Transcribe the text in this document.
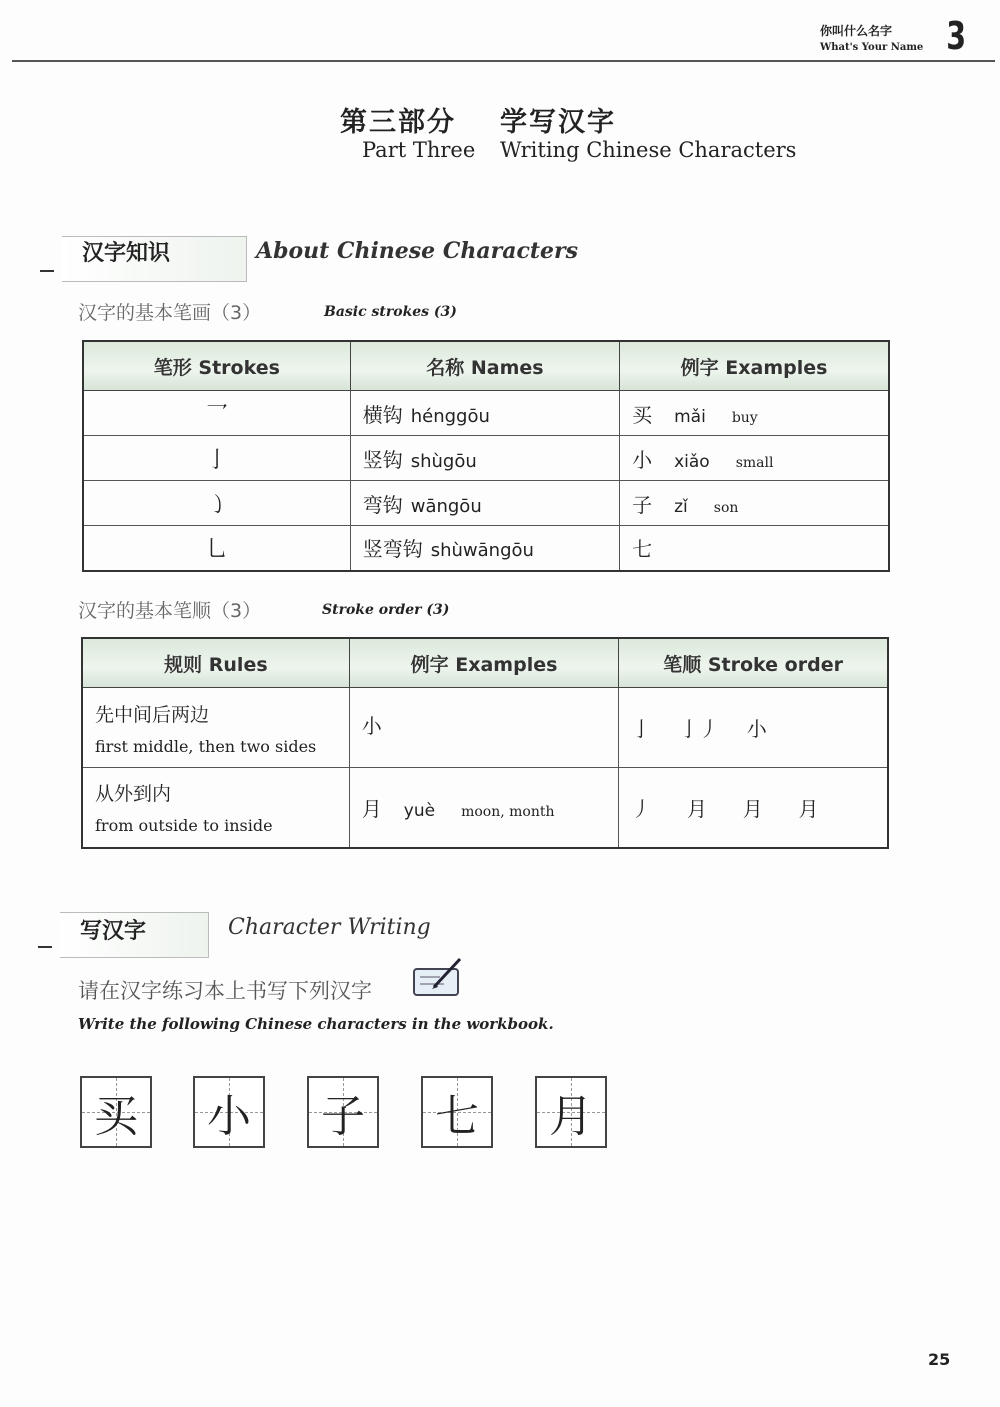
你叫什么名字
What's Your Name 3
第三部分 学写汉字
Part Three Writing Chinese Characters
汉字知识	About Chinese Characters
汉字的基本笔画（3）	Basic strokes (3)
笔形 Strokes	名称 Names	例字 Examples
乛	横钩 hénggōu	买 mǎi buy
亅	竖钩 shùgōu	小 xiǎo small
㇁	弯钩 wāngōu	子 zǐ son
乚	竖弯钩 shùwāngōu	七
汉字的基本笔顺（3）	Stroke order (3)
规则 Rules	例字 Examples	笔顺 Stroke order

先中间后两边
first middle, then two sides	小	亅 亅丿 小

从外到内
from outside to inside	月 yuè moon, month	丿 月 月 月
写汉字	Character Writing
请在汉字练习本上书写下列汉字
Write the following Chinese characters in the workbook.
买 小 子 七 月
25
